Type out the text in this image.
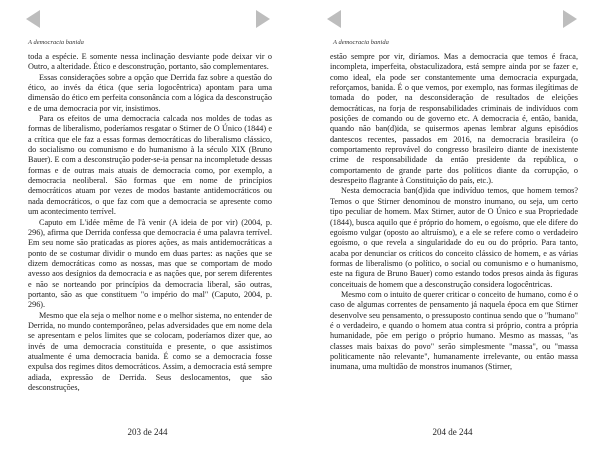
A democracia banida

toda a espécie. E somente nessa inclinação desviante pode deixar vir o Outro, a alteridade. Ético e desconstrução, portanto, são complementares.

Essas considerações sobre a opção que Derrida faz sobre a questão do ético, ao invés da ética (que seria logocêntrica) apontam para uma dimensão do ético em perfeita consonância com a lógica da desconstrução e de uma democracia por vir, insistimos.

Para os efeitos de uma democracia calcada nos moldes de todas as formas de liberalismo, poderíamos resgatar o Stirner de O Único (1844) e a crítica que ele faz a essas formas democráticas do liberalismo clássico, do socialismo ou comunismo e do humanismo à la século XIX (Bruno Bauer). E com a desconstrução poder-se-ia pensar na incompletude dessas formas e de outras mais atuais de democracia como, por exemplo, a democracia neoliberal. São formas que em nome de princípios democráticos atuam por vezes de modos bastante antidemocráticos ou nada democráticos, o que faz com que a democracia se apresente como um acontecimento terrível.

Caputo em L'idée même de l'à venir (A ideia de por vir) (2004, p. 296), afirma que Derrida confessa que democracia é uma palavra terrível. Em seu nome são praticadas as piores ações, as mais antidemocráticas a ponto de se costumar dividir o mundo em duas partes: as nações que se dizem democráticas como as nossas, mas que se comportam de modo avesso aos desígnios da democracia e as nações que, por serem diferentes e não se norteando por princípios da democracia liberal, são outras, portanto, são as que constituem "o império do mal" (Caputo, 2004, p. 296).

Mesmo que ela seja o melhor nome e o melhor sistema, no entender de Derrida, no mundo contemporâneo, pelas adversidades que em nome dela se apresentam e pelos limites que se colocam, poderíamos dizer que, ao invés de uma democracia constituída e presente, o que assistimos atualmente é uma democracia banida. É como se a democracia fosse expulsa dos regimes ditos democráticos. Assim, a democracia está sempre adiada, expressão de Derrida. Seus deslocamentos, que são desconstruções,

203 de 244
A democracia banida

estão sempre por vir, diríamos. Mas a democracia que temos é fraca, incompleta, imperfeita, obstaculizadora, está sempre ainda por se fazer e, como ideal, ela pode ser constantemente uma democracia expurgada, reforçamos, banida. É o que vemos, por exemplo, nas formas ilegítimas de tomada do poder, na desconsideração de resultados de eleições democráticas, na forja de responsabilidades criminais de indivíduos com posições de comando ou de governo etc. A democracia é, então, banida, quando não ban(d)ida, se quisermos apenas lembrar alguns episódios dantescos recentes, passados em 2016, na democracia brasileira (o comportamento reprovável do congresso brasileiro diante de inexistente crime de responsabilidade da então presidente da república, o comportamento de grande parte dos políticos diante da corrupção, o desrespeito flagrante à Constituição do país, etc.).

Nesta democracia ban(d)ida que indivíduo temos, que homem temos? Temos o que Stirner denominou de monstro inumano, ou seja, um certo tipo peculiar de homem. Max Stirner, autor de O Único e sua Propriedade (1844), busca aquilo que é próprio do homem, o egoísmo, que ele difere do egoísmo vulgar (oposto ao altruísmo), e a ele se refere como o verdadeiro egoísmo, o que revela a singularidade do eu ou do próprio. Para tanto, acaba por denunciar os críticos do conceito clássico de homem, e as várias formas de liberalismo (o político, o social ou comunismo e o humanismo, este na figura de Bruno Bauer) como estando todos presos ainda às figuras conceituais de homem que a desconstrução considera logocêntricas.

Mesmo com o intuito de querer criticar o conceito de humano, como é o caso de algumas correntes de pensamento já naquela época em que Stirner desenvolve seu pensamento, o pressuposto continua sendo que o "humano" é o verdadeiro, e quando o homem atua contra si próprio, contra a própria humanidade, põe em perigo o próprio humano. Mesmo as massas, "as classes mais baixas do povo" serão simplesmente "massa", ou "massa politicamente não relevante", humanamente irrelevante, ou então massa inumana, uma multidão de monstros inumanos (Stirner,

204 de 244
